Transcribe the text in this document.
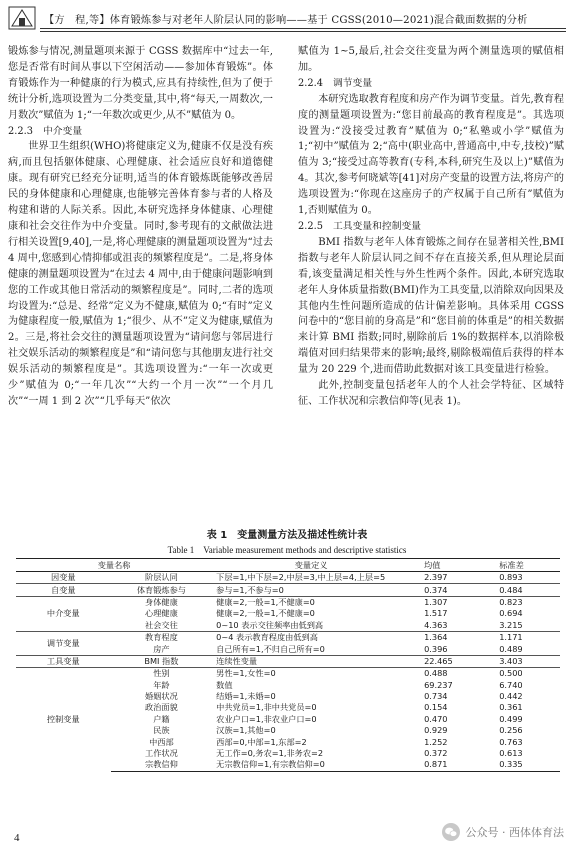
【方　程,等】体育锻炼参与对老年人阶层认同的影响——基于 CGSS(2010—2021)混合截面数据的分析

锻炼参与情况,测量题项来源于 CGSS 数据库中“过去一年,您是否常有时间从事以下空闲活动——参加体育锻炼”。体育锻炼作为一种健康的行为模式,应具有持续性,但为了便于统计分析,选项设置为二分类变量,其中,将“每天,一周数次,一月数次”赋值为 1;“一年数次或更少,从不”赋值为 0。

2.2.3 中介变量

世界卫生组织(WHO)将健康定义为,健康不仅是没有疾病,而且包括躯体健康、心理健康、社会适应良好和道德健康。现有研究已经充分证明,适当的体育锻炼既能够改善居民的身体健康和心理健康,也能够完善体育参与者的人格及构建和谐的人际关系。因此,本研究选择身体健康、心理健康和社会交往作为中介变量。同时,参考现有的文献做法进行相关设置[9,40],一是,将心理健康的测量题项设置为“过去 4 周中,您感到心情抑郁或沮丧的频繁程度是”。二是,将身体健康的测量题项设置为“在过去 4 周中,由于健康问题影响到您的工作或其他日常活动的频繁程度是”。同时,二者的选项均设置为:“总是、经常”定义为不健康,赋值为 0;“有时”定义为健康程度一般,赋值为 1;“很少、从不”定义为健康,赋值为 2。三是,将社会交往的测量题项设置为“请问您与邻居进行社交娱乐活动的频繁程度是”和“请问您与其他朋友进行社交娱乐活动的频繁程度是”。其选项设置为:“一年一次或更少”赋值为 0;“一年几次”“大约一个月一次”“一个月几次”“一周 1 到 2 次”“几乎每天”依次

赋值为 1~5,最后,社会交往变量为两个测量选项的赋值相加。

2.2.4 调节变量

本研究选取教育程度和房产作为调节变量。首先,教育程度的测量题项设置为:“您目前最高的教育程度是”。其选项设置为:“没接受过教育”赋值为 0;“私塾或小学”赋值为 1;“初中”赋值为 2;“高中(职业高中,普通高中,中专,技校)”赋值为 3;“接受过高等教育(专科,本科,研究生及以上)”赋值为 4。其次,参考何晓斌等[41]对房产变量的设置方法,将房产的选项设置为:“你现在这座房子的产权属于自己所有”赋值为 1,否则赋值为 0。

2.2.5 工具变量和控制变量

BMI 指数与老年人体育锻炼之间存在显著相关性,BMI 指数与老年人阶层认同之间不存在直接关系,但从理论层面看,该变量满足相关性与外生性两个条件。因此,本研究选取老年人身体质量指数(BMI)作为工具变量,以消除双向因果及其他内生性问题所造成的估计偏差影响。具体采用 CGSS 问卷中的“您目前的身高是”和“您目前的体重是”的相关数据来计算 BMI 指数;同时,剔除前后 1%的数据样本,以消除极端值对回归结果带来的影响;最终,剔除极端值后获得的样本量为 20 229 个,进而借助此数据对该工具变量进行检验。

此外,控制变量包括老年人的个人社会学特征、区域特征、工作状况和宗教信仰等(见表 1)。

表 1　变量测量方法及描述性统计表
Table 1　Variable measurement methods and descriptive statistics
变量名称		变量定义	均值	标准差
因变量	阶层认同	下层=1,中下层=2,中层=3,中上层=4,上层=5	2.397	0.893
自变量	体育锻炼参与	参与=1,不参与=0	0.374	0.484
中介变量	身体健康	健康=2,一般=1,不健康=0	1.307	0.823
	心理健康	健康=2,一般=1,不健康=0	1.517	0.694
	社会交往	0~10 表示交往频率由低到高	4.363	3.215
调节变量	教育程度	0~4 表示教育程度由低到高	1.364	1.171
	房产	自己所有=1,不归自己所有=0	0.396	0.489
工具变量	BMI 指数	连续性变量	22.465	3.403
控制变量	性别	男性=1,女性=0	0.488	0.500
	年龄	数值	69.237	6.740
	婚姻状况	结婚=1,未婚=0	0.734	0.442
	政治面貌	中共党员=1,非中共党员=0	0.154	0.361
	户籍	农业户口=1,非农业户口=0	0.470	0.499
	民族	汉族=1,其他=0	0.929	0.256
	中西部	西部=0,中部=1,东部=2	1.252	0.763
	工作状况	无工作=0,务农=1,非务农=2	0.372	0.613
	宗教信仰	无宗教信仰=1,有宗教信仰=0	0.871	0.335
4	公众号 · 西体体育法
